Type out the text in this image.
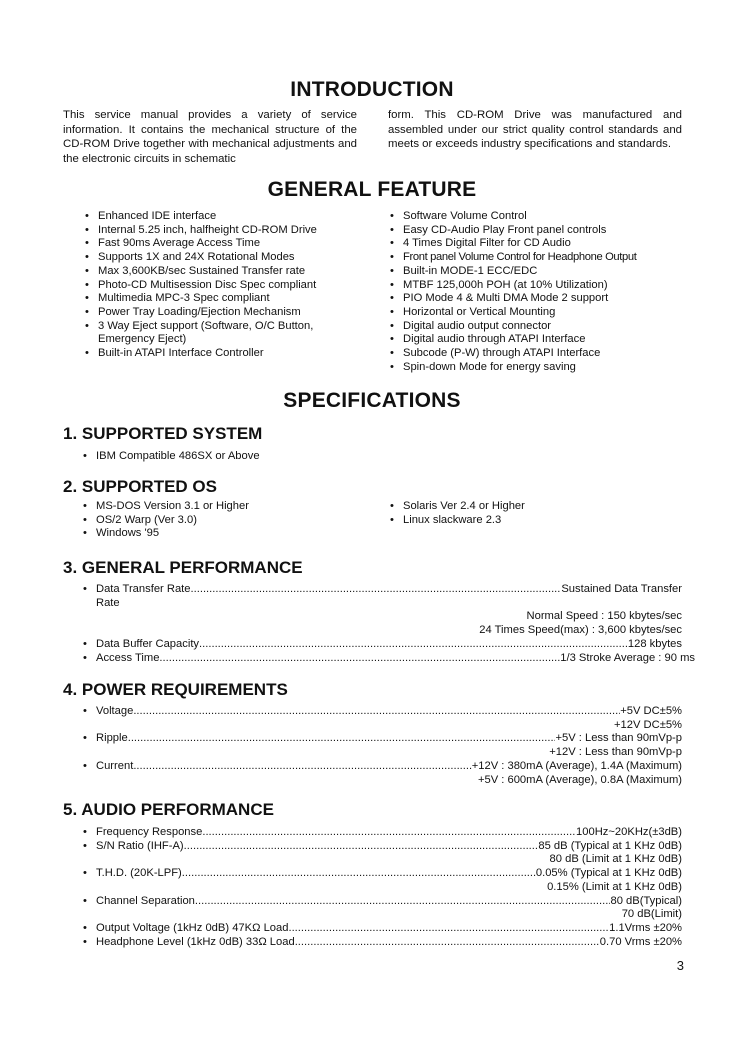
INTRODUCTION
This service manual provides a variety of service information. It contains the mechanical structure of the CD-ROM Drive together with mechanical adjustments and the electronic circuits in schematic
form. This CD-ROM Drive was manufactured and assembled under our strict quality control standards and meets or exceeds industry specifications and standards.
GENERAL FEATURE
• Enhanced IDE interface
• Internal 5.25 inch, halfheight CD-ROM Drive
• Fast 90ms Average Access Time
• Supports 1X and 24X Rotational Modes
• Max 3,600KB/sec Sustained Transfer rate
• Photo-CD Multisession Disc Spec compliant
• Multimedia MPC-3 Spec compliant
• Power Tray Loading/Ejection Mechanism
• 3 Way Eject support (Software, O/C Button, Emergency Eject)
• Built-in ATAPI Interface Controller
• Software Volume Control
• Easy CD-Audio Play Front panel controls
• 4 Times Digital Filter for CD Audio
• Front panel Volume Control for Headphone Output
• Built-in MODE-1 ECC/EDC
• MTBF 125,000h POH (at 10% Utilization)
• PIO Mode 4 & Multi DMA Mode 2 support
• Horizontal or Vertical Mounting
• Digital audio output connector
• Digital audio through ATAPI Interface
• Subcode (P-W) through ATAPI Interface
• Spin-down Mode for energy saving
SPECIFICATIONS
1. SUPPORTED SYSTEM
• IBM Compatible 486SX or Above
2. SUPPORTED OS
• MS-DOS Version 3.1 or Higher
• OS/2 Warp (Ver 3.0)
• Windows '95
• Solaris Ver 2.4 or Higher
• Linux slackware 2.3
3. GENERAL PERFORMANCE
• Data Transfer Rate .....	Sustained Data Transfer
Rate
Normal Speed : 150 kbytes/sec
24 Times Speed(max) : 3,600 kbytes/sec
• Data Buffer Capacity .....	128 kbytes
• Access Time .....	1/3 Stroke Average : 90 ms
4. POWER REQUIREMENTS
• Voltage .....	+5V DC±5%
+12V DC±5%
• Ripple .....	+5V : Less than 90mVp-p
+12V : Less than 90mVp-p
• Current .....	+12V : 380mA (Average), 1.4A (Maximum)
+5V : 600mA (Average), 0.8A (Maximum)
5. AUDIO PERFORMANCE
• Frequency Response .....	100Hz~20KHz(±3dB)
• S/N Ratio (IHF-A) .....	85 dB (Typical at 1 KHz 0dB)
80 dB (Limit at 1 KHz 0dB)
• T.H.D. (20K-LPF) .....	0.05% (Typical at 1 KHz 0dB)
0.15% (Limit at 1 KHz 0dB)
• Channel Separation .....	80 dB(Typical)
70 dB(Limit)
• Output Voltage (1kHz 0dB) 47KΩ Load .....	1.1Vrms ±20%
• Headphone Level (1kHz 0dB) 33Ω Load .....	0.70 Vrms ±20%
3
